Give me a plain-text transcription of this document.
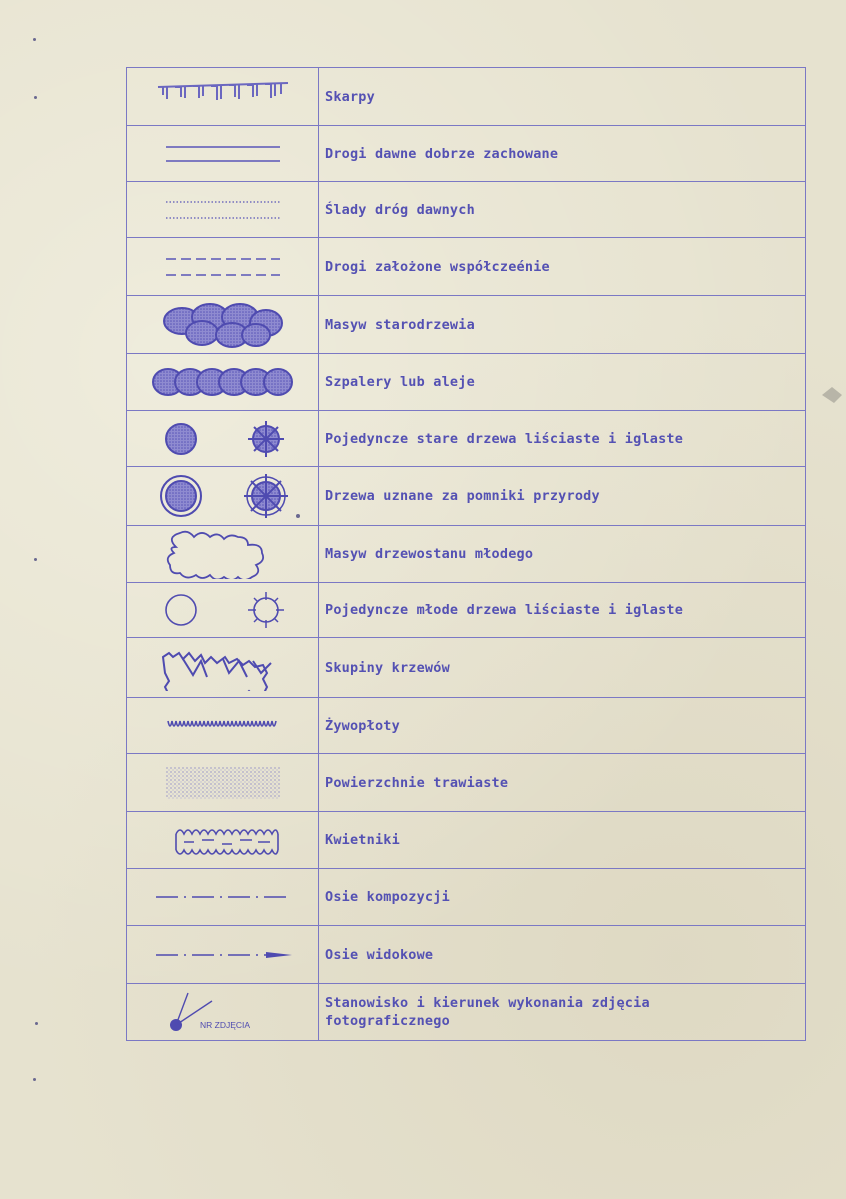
	Skarpy

	Drogi dawne dobrze zachowane

	Ślady dróg dawnych

	Drogi założone współczeénie

	Masyw starodrzewia

	Szpalery lub aleje

	Pojedyncze stare drzewa liściaste i iglaste

	Drzewa uznane za pomniki przyrody

	Masyw drzewostanu młodego

	Pojedyncze młode drzewa liściaste i iglaste

	Skupiny krzewów

	Żywopłoty

	Powierzchnie trawiaste

	Kwietniki

	Osie kompozycji

	Osie widokowe

NR ZDJĘCIA	Stanowisko i kierunek wykonania zdjęcia fotograficznego
